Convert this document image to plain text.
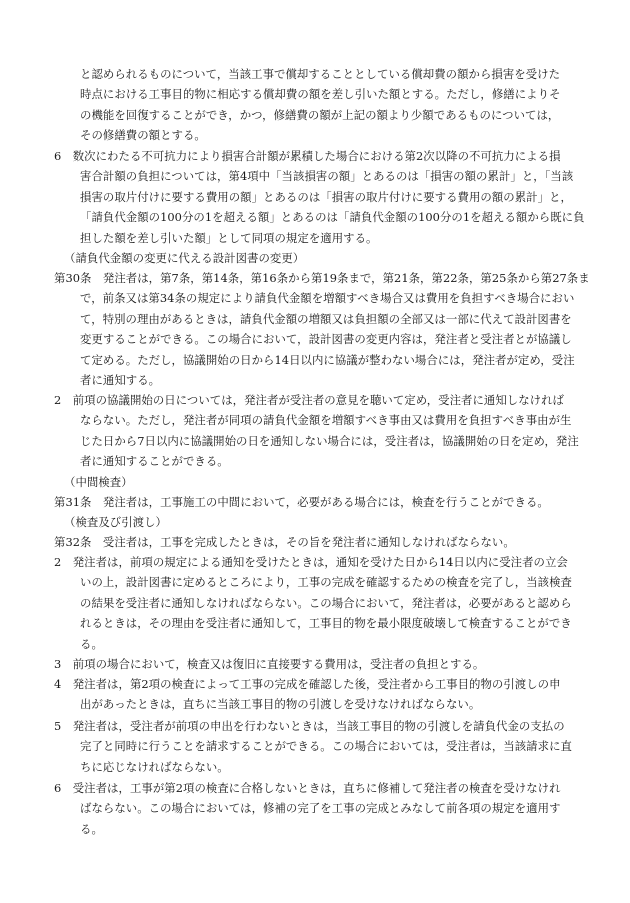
と認められるものについて，当該工事で償却することとしている償却費の額から損害を受けた
時点における工事目的物に相応する償却費の額を差し引いた額とする。ただし，修繕によりそ
の機能を回復することができ，かつ，修繕費の額が上記の額より少額であるものについては，
その修繕費の額とする。
6　数次にわたる不可抗力により損害合計額が累積した場合における第2次以降の不可抗力による損
害合計額の負担については，第4項中「当該損害の額」とあるのは「損害の額の累計」と，「当該
損害の取片付けに要する費用の額」とあるのは「損害の取片付けに要する費用の額の累計」と，
「請負代金額の100分の1を超える額」とあるのは「請負代金額の100分の1を超える額から既に負
担した額を差し引いた額」として同項の規定を適用する。
（請負代金額の変更に代える設計図書の変更）
第30条　発注者は，第7条，第14条，第16条から第19条まで，第21条，第22条，第25条から第27条ま
で，前条又は第34条の規定により請負代金額を増額すべき場合又は費用を負担すべき場合におい
て，特別の理由があるときは，請負代金額の増額又は負担額の全部又は一部に代えて設計図書を
変更することができる。この場合において，設計図書の変更内容は，発注者と受注者とが協議し
て定める。ただし，協議開始の日から14日以内に協議が整わない場合には，発注者が定め，受注
者に通知する。
2　前項の協議開始の日については，発注者が受注者の意見を聴いて定め，受注者に通知しなければ
ならない。ただし，発注者が同項の請負代金額を増額すべき事由又は費用を負担すべき事由が生
じた日から7日以内に協議開始の日を通知しない場合には，受注者は，協議開始の日を定め，発注
者に通知することができる。
（中間検査）
第31条　発注者は，工事施工の中間において，必要がある場合には，検査を行うことができる。
（検査及び引渡し）
第32条　受注者は，工事を完成したときは，その旨を発注者に通知しなければならない。
2　発注者は，前項の規定による通知を受けたときは，通知を受けた日から14日以内に受注者の立会
いの上，設計図書に定めるところにより，工事の完成を確認するための検査を完了し，当該検査
の結果を受注者に通知しなければならない。この場合において，発注者は，必要があると認めら
れるときは，その理由を受注者に通知して，工事目的物を最小限度破壊して検査することができ
る。
3　前項の場合において，検査又は復旧に直接要する費用は，受注者の負担とする。
4　発注者は，第2項の検査によって工事の完成を確認した後，受注者から工事目的物の引渡しの申
出があったときは，直ちに当該工事目的物の引渡しを受けなければならない。
5　発注者は，受注者が前項の申出を行わないときは，当該工事目的物の引渡しを請負代金の支払の
完了と同時に行うことを請求することができる。この場合においては，受注者は，当該請求に直
ちに応じなければならない。
6　受注者は，工事が第2項の検査に合格しないときは，直ちに修補して発注者の検査を受けなけれ
ばならない。この場合においては，修補の完了を工事の完成とみなして前各項の規定を適用す
る。
